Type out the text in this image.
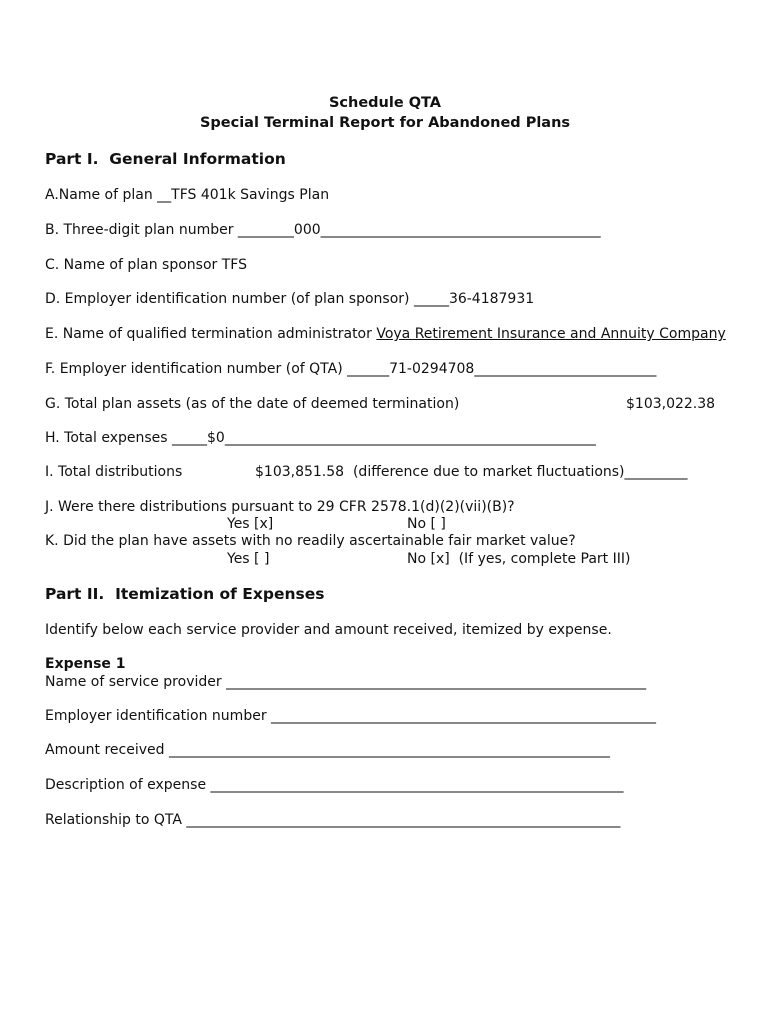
Schedule QTA
Special Terminal Report for Abandoned Plans
Part I.  General Information
A.Name of plan __TFS 401k Savings Plan
B. Three-digit plan number ________000________________________________________
C. Name of plan sponsor TFS
D. Employer identification number (of plan sponsor) _____36-4187931
E. Name of qualified termination administrator Voya Retirement Insurance and Annuity Company
F. Employer identification number (of QTA) ______71-0294708__________________________
G. Total plan assets (as of the date of deemed termination)	$103,022.38
H. Total expenses _____$0_____________________________________________________
I. Total distributions	$103,851.58  (difference due to market fluctuations)_________
J. Were there distributions pursuant to 29 CFR 2578.1(d)(2)(vii)(B)?
Yes [x]	No [ ]
K. Did the plan have assets with no readily ascertainable fair market value?
Yes [ ]	No [x]  (If yes, complete Part III)
Part II.  Itemization of Expenses
Identify below each service provider and amount received, itemized by expense.
Expense 1
Name of service provider ____________________________________________________________
Employer identification number _______________________________________________________
Amount received _______________________________________________________________
Description of expense ___________________________________________________________
Relationship to QTA ______________________________________________________________
